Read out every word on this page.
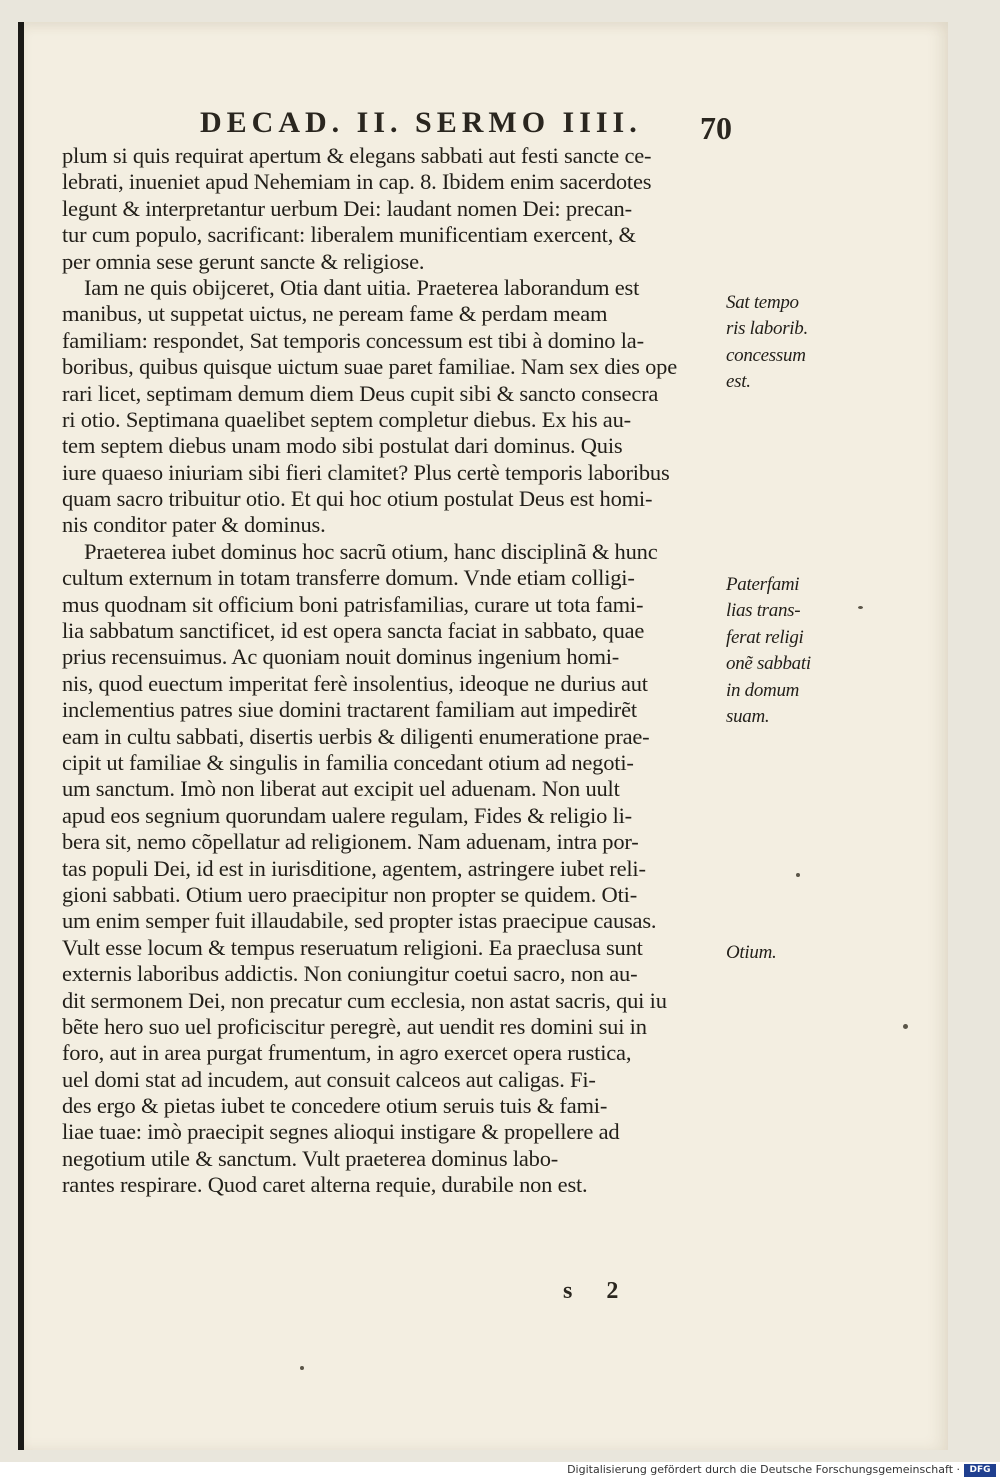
DECAD. II. SERMO IIII. 70
plum si quis requirat apertum & elegans sabbati aut festi sancte ce-
lebrati, inueniet apud Nehemiam in cap. 8. Ibidem enim sacerdotes
legunt & interpretantur uerbum Dei: laudant nomen Dei: precan-
tur cum populo, sacrificant: liberalem munificentiam exercent, &
per omnia sese gerunt sancte & religiose.
Iam ne quis obijceret, Otia dant uitia. Praeterea laborandum est
manibus, ut suppetat uictus, ne peream fame & perdam meam
familiam: respondet, Sat temporis concessum est tibi à domino la-
boribus, quibus quisque uictum suae paret familiae. Nam sex dies ope
rari licet, septimam demum diem Deus cupit sibi & sancto consecra
ri otio. Septimana quaelibet septem completur diebus. Ex his au-
tem septem diebus unam modo sibi postulat dari dominus. Quis
iure quaeso iniuriam sibi fieri clamitet? Plus certè temporis laboribus
quam sacro tribuitur otio. Et qui hoc otium postulat Deus est homi-
nis conditor pater & dominus.
Praeterea iubet dominus hoc sacrũ otium, hanc disciplinã & hunc
cultum externum in totam transferre domum. Vnde etiam colligi-
mus quodnam sit officium boni patrisfamilias, curare ut tota fami-
lia sabbatum sanctificet, id est opera sancta faciat in sabbato, quae
prius recensuimus. Ac quoniam nouit dominus ingenium homi-
nis, quod euectum imperitat ferè insolentius, ideoque ne durius aut
inclementius patres siue domini tractarent familiam aut impedirẽt
eam in cultu sabbati, disertis uerbis & diligenti enumeratione prae-
cipit ut familiae & singulis in familia concedant otium ad negoti-
um sanctum. Imò non liberat aut excipit uel aduenam. Non uult
apud eos segnium quorundam ualere regulam, Fides & religio li-
bera sit, nemo cõpellatur ad religionem. Nam aduenam, intra por-
tas populi Dei, id est in iurisditione, agentem, astringere iubet reli-
gioni sabbati. Otium uero praecipitur non propter se quidem. Oti-
um enim semper fuit illaudabile, sed propter istas praecipue causas.
Vult esse locum & tempus reseruatum religioni. Ea praeclusa sunt
externis laboribus addictis. Non coniungitur coetui sacro, non au-
dit sermonem Dei, non precatur cum ecclesia, non astat sacris, qui iu
bẽte hero suo uel proficiscitur peregrè, aut uendit res domini sui in
foro, aut in area purgat frumentum, in agro exercet opera rustica,
uel domi stat ad incudem, aut consuit calceos aut caligas. Fi-
des ergo & pietas iubet te concedere otium seruis tuis & fami-
liae tuae: imò praecipit segnes alioqui instigare & propellere ad
negotium utile & sanctum. Vult praeterea dominus labo-
rantes respirare. Quod caret alterna requie, durabile non est.
Sat tempo
ris laborib.
concessum
est.
Paterfami
lias trans-
ferat religi
onẽ sabbati
in domum
suam.
Otium.
s 2
Digitalisierung gefördert durch die Deutsche Forschungsgemeinschaft ·	DFG
